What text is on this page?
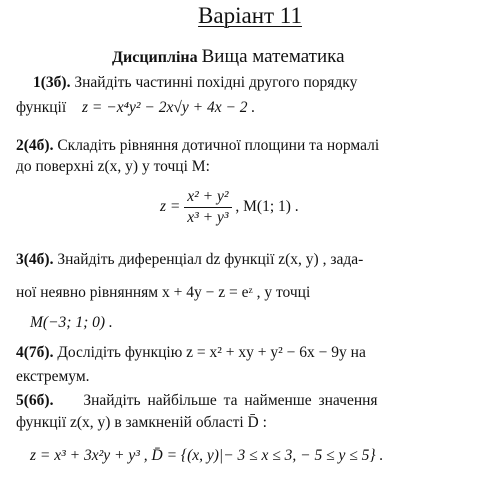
Варіант 11
Дисципліна Вища математика
1(3б). Знайдіть частинні похідні другого порядку
функції z = −x⁴y² − 2x√y + 4x − 2 .
2(4б). Складіть рівняння дотичної площини та нормалі
до поверхні z(x, y) у точці M:
$z = \frac{\text{x² + y²}}{\text{x³ + y³}}$ , M(1; 1) .
3(4б). Знайдіть диференціал dz функції z(x, y) , зада-
ної неявно рівнянням x + 4y − z = eᶻ , у точці
M(−3; 1; 0) .
4(7б). Дослідіть функцію z = x² + xy + y² − 6x − 9y на
екстремум.
5(6б). Знайдіть найбільше та найменше значення
функції z(x, y) в замкненій області D̄ :
z = x³ + 3x²y + y³ , D̄ = {(x, y)|− 3 ≤ x ≤ 3, − 5 ≤ y ≤ 5} .
